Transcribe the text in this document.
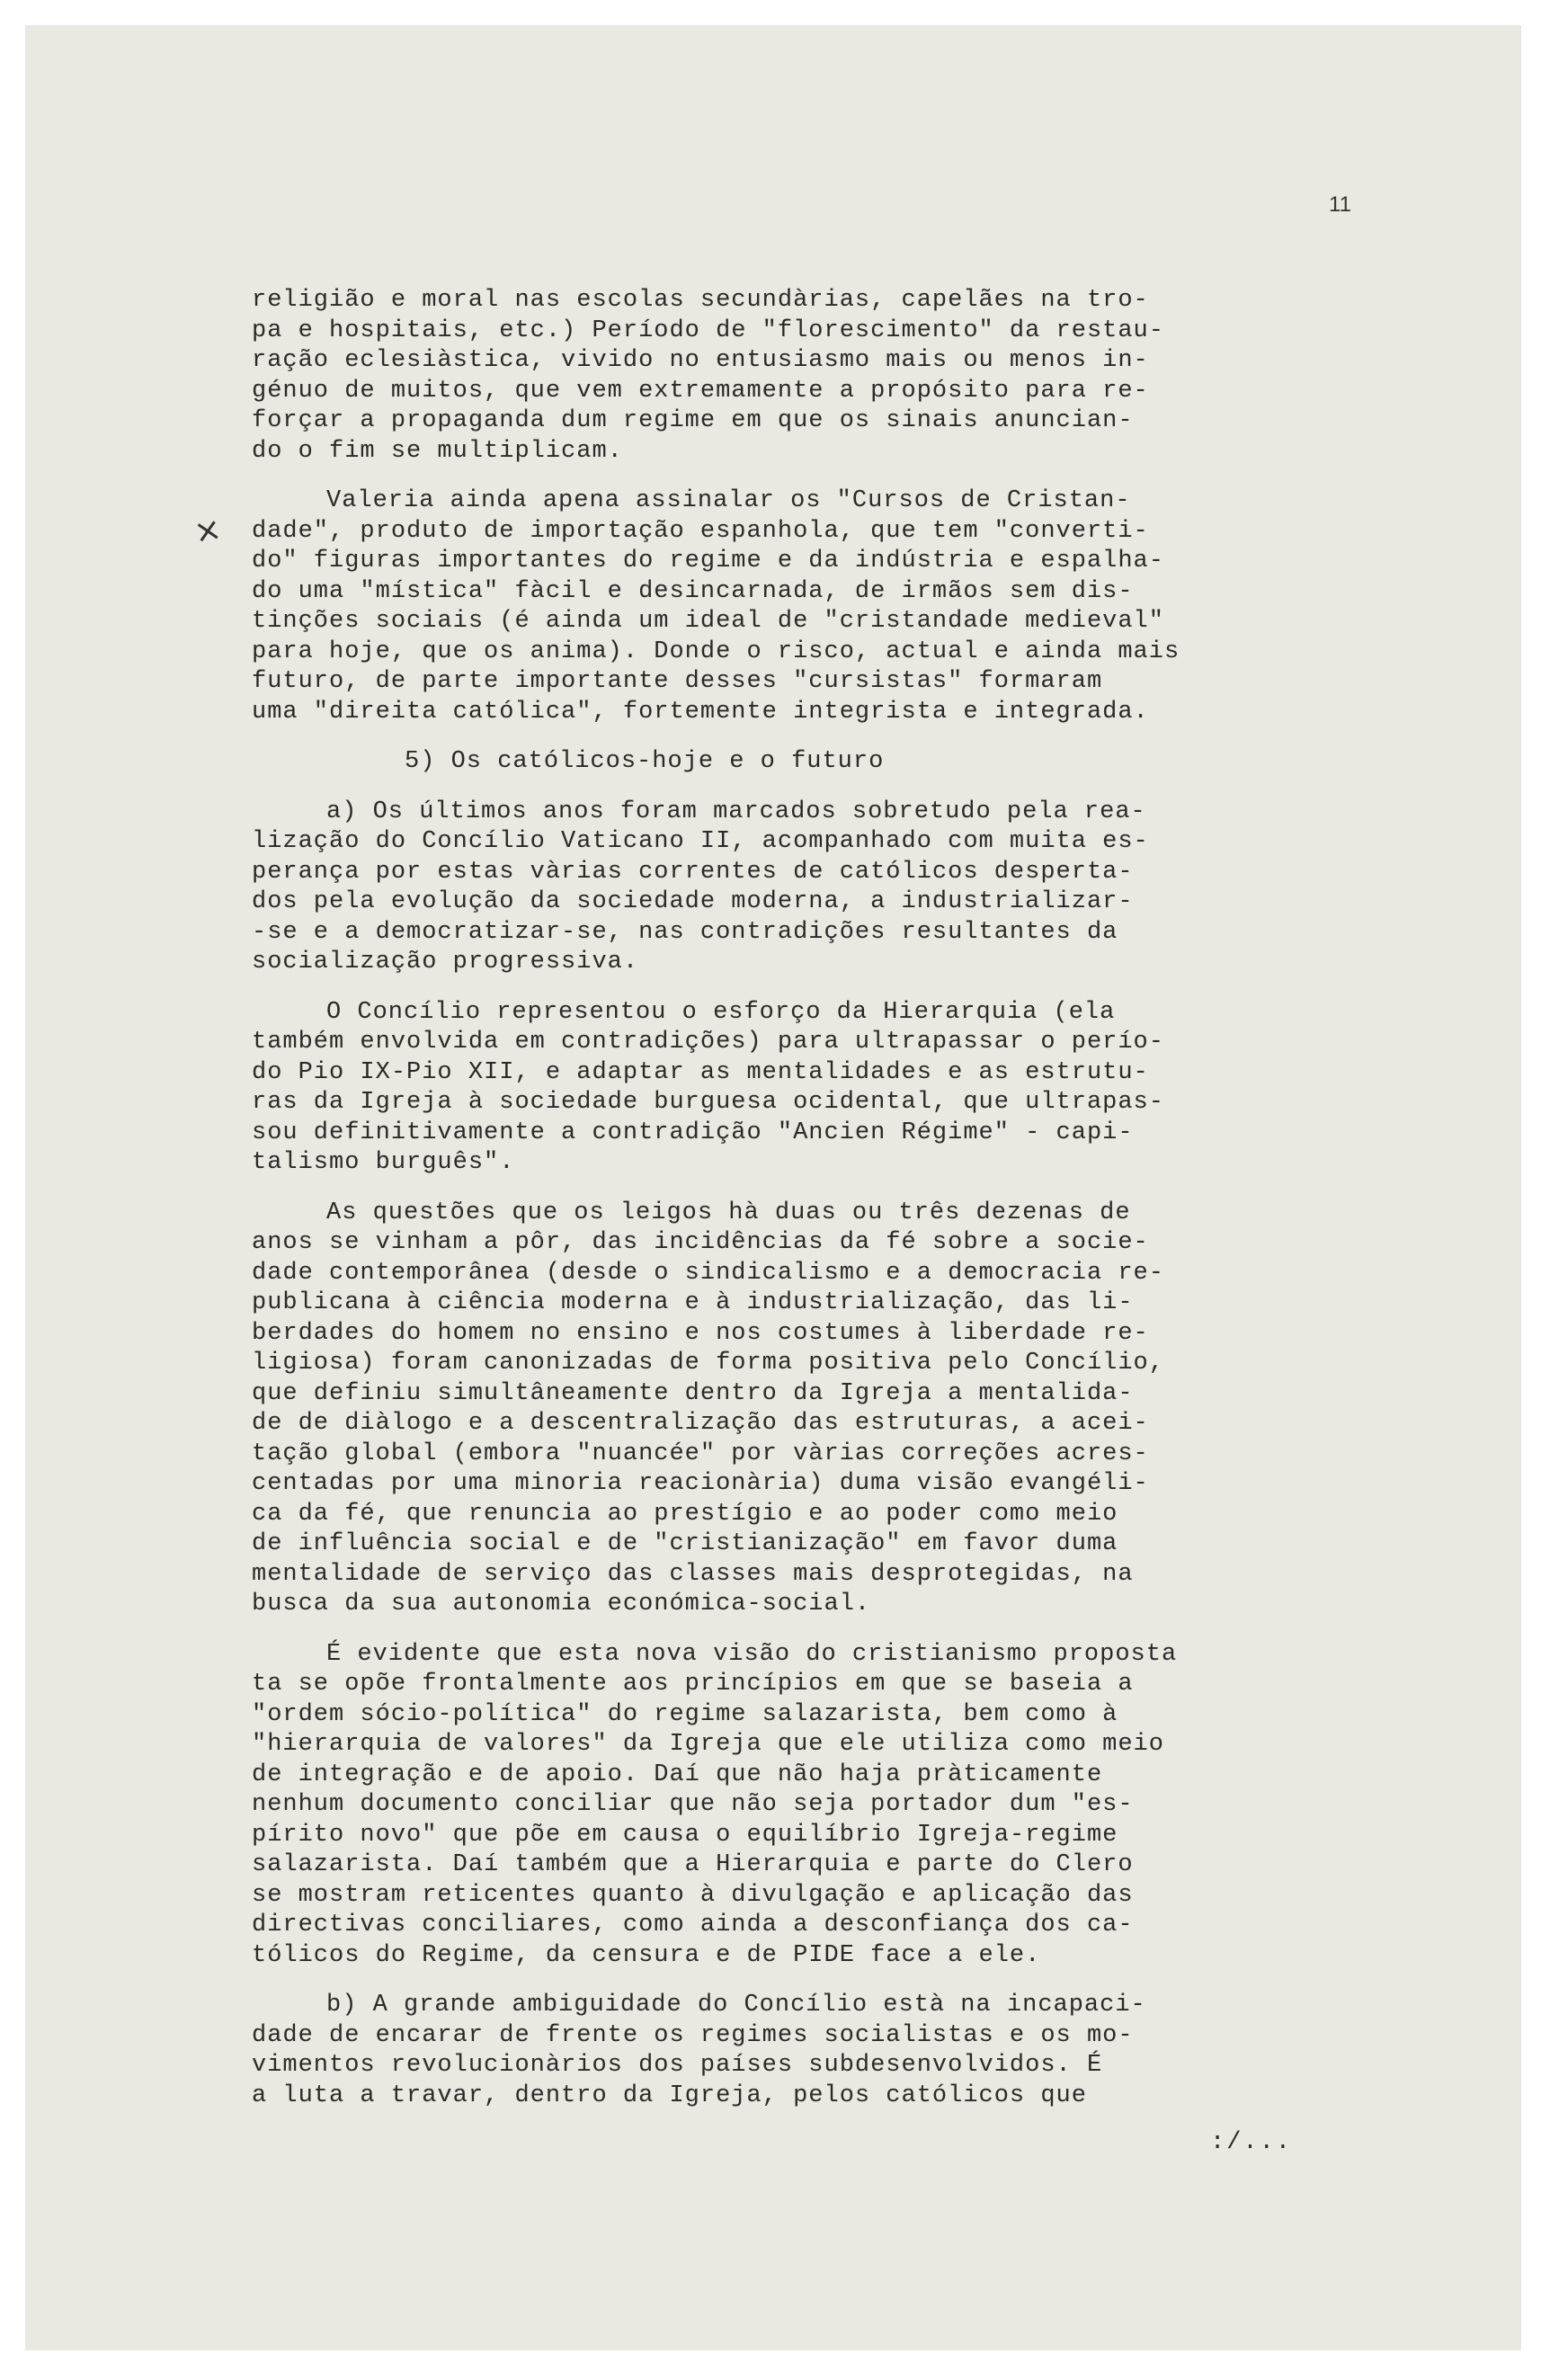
11
×

religião e moral nas escolas secundàrias, capelães na tro-

pa e hospitais, etc.) Período de "florescimento" da restau-

ração eclesiàstica, vivido no entusiasmo mais ou menos in-

génuo de muitos, que vem extremamente a propósito para re-

forçar a propaganda dum regime em que os sinais anuncian-

do o fim se multiplicam.

Valeria ainda apena assinalar os "Cursos de Cristan-

dade", produto de importação espanhola, que tem "converti-

do" figuras importantes do regime e da indústria e espalha-

do uma "mística" fàcil e desincarnada, de irmãos sem dis-

tinções sociais (é ainda um ideal de "cristandade medieval"

para hoje, que os anima). Donde o risco, actual e ainda mais

futuro, de parte importante desses "cursistas" formaram

uma "direita católica", fortemente integrista e integrada.

5) Os católicos-hoje e o futuro

a) Os últimos anos foram marcados sobretudo pela rea-

lização do Concílio Vaticano II, acompanhado com muita es-

perança por estas vàrias correntes de católicos desperta-

dos pela evolução da sociedade moderna, a industrializar-

-se e a democratizar-se, nas contradições resultantes da

socialização progressiva.

O Concílio representou o esforço da Hierarquia (ela

também envolvida em contradições) para ultrapassar o perío-

do Pio IX-Pio XII, e adaptar as mentalidades e as estrutu-

ras da Igreja à sociedade burguesa ocidental, que ultrapas-

sou definitivamente a contradição "Ancien Régime" - capi-

talismo burguês".

As questões que os leigos hà duas ou três dezenas de

anos se vinham a pôr, das incidências da fé sobre a socie-

dade contemporânea (desde o sindicalismo e a democracia re-

publicana à ciência moderna e à industrialização, das li-

berdades do homem no ensino e nos costumes à liberdade re-

ligiosa) foram canonizadas de forma positiva pelo Concílio,

que definiu simultâneamente dentro da Igreja a mentalida-

de de diàlogo e a descentralização das estruturas, a acei-

tação global (embora "nuancée" por vàrias correções acres-

centadas por uma minoria reacionària) duma visão evangéli-

ca da fé, que renuncia ao prestígio e ao poder como meio

de influência social e de "cristianização" em favor duma

mentalidade de serviço das classes mais desprotegidas, na

busca da sua autonomia económica-social.

É evidente que esta nova visão do cristianismo proposta

ta se opõe frontalmente aos princípios em que se baseia a

"ordem sócio-política" do regime salazarista, bem como à

"hierarquia de valores" da Igreja que ele utiliza como meio

de integração e de apoio. Daí que não haja pràticamente

nenhum documento conciliar que não seja portador dum "es-

pírito novo" que põe em causa o equilíbrio Igreja-regime

salazarista. Daí também que a Hierarquia e parte do Clero

se mostram reticentes quanto à divulgação e aplicação das

directivas conciliares, como ainda a desconfiança dos ca-

tólicos do Regime, da censura e de PIDE face a ele.

b) A grande ambiguidade do Concílio està na incapaci-

dade de encarar de frente os regimes socialistas e os mo-

vimentos revolucionàrios dos países subdesenvolvidos. É

a luta a travar, dentro da Igreja, pelos católicos que

:/...
